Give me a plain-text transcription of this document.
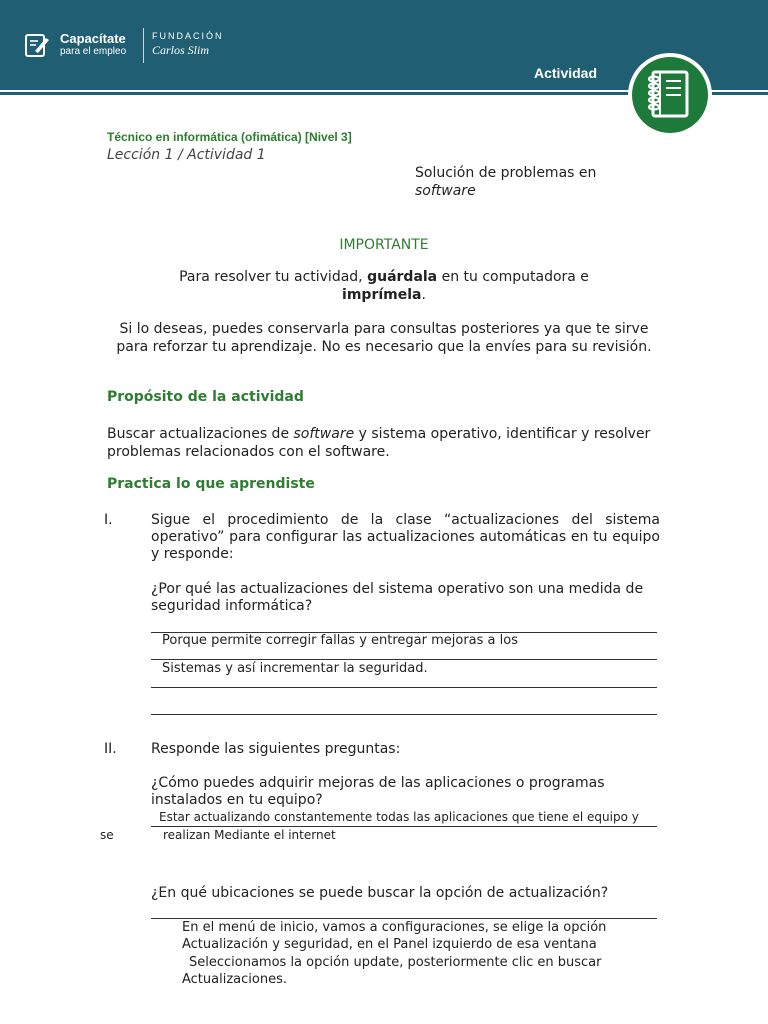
Capacítate
para el empleo
FUNDACIÓN
Carlos Slim
Actividad
Técnico en informática (ofimática) [Nivel 3]
Lección 1 / Actividad 1
Solución de problemas en
software
IMPORTANTE
Para resolver tu actividad, guárdala en tu computadora e
imprímela.
Si lo deseas, puedes conservarla para consultas posteriores ya que te sirve para reforzar tu aprendizaje. No es necesario que la envíes para su revisión.
Propósito de la actividad
Buscar actualizaciones de software y sistema operativo, identificar y resolver problemas relacionados con el software.
Practica lo que aprendiste
I.	Sigue el procedimiento de la clase “actualizaciones del sistema operativo” para configurar las actualizaciones automáticas en tu equipo y responde:
¿Por qué las actualizaciones del sistema operativo son una medida de seguridad informática?
Porque permite corregir fallas y entregar mejoras a los
Sistemas y así incrementar la seguridad.
II. Responde las siguientes preguntas:
¿Cómo puedes adquirir mejoras de las aplicaciones o programas instalados en tu equipo?
Estar actualizando constantemente todas las aplicaciones que tiene el equipo y
se	realizan Mediante el internet
¿En qué ubicaciones se puede buscar la opción de actualización?
En el menú de inicio, vamos a configuraciones, se elige la opción
Actualización y seguridad, en el Panel izquierdo de esa ventana
Seleccionamos la opción update, posteriormente clic en buscar
Actualizaciones.
